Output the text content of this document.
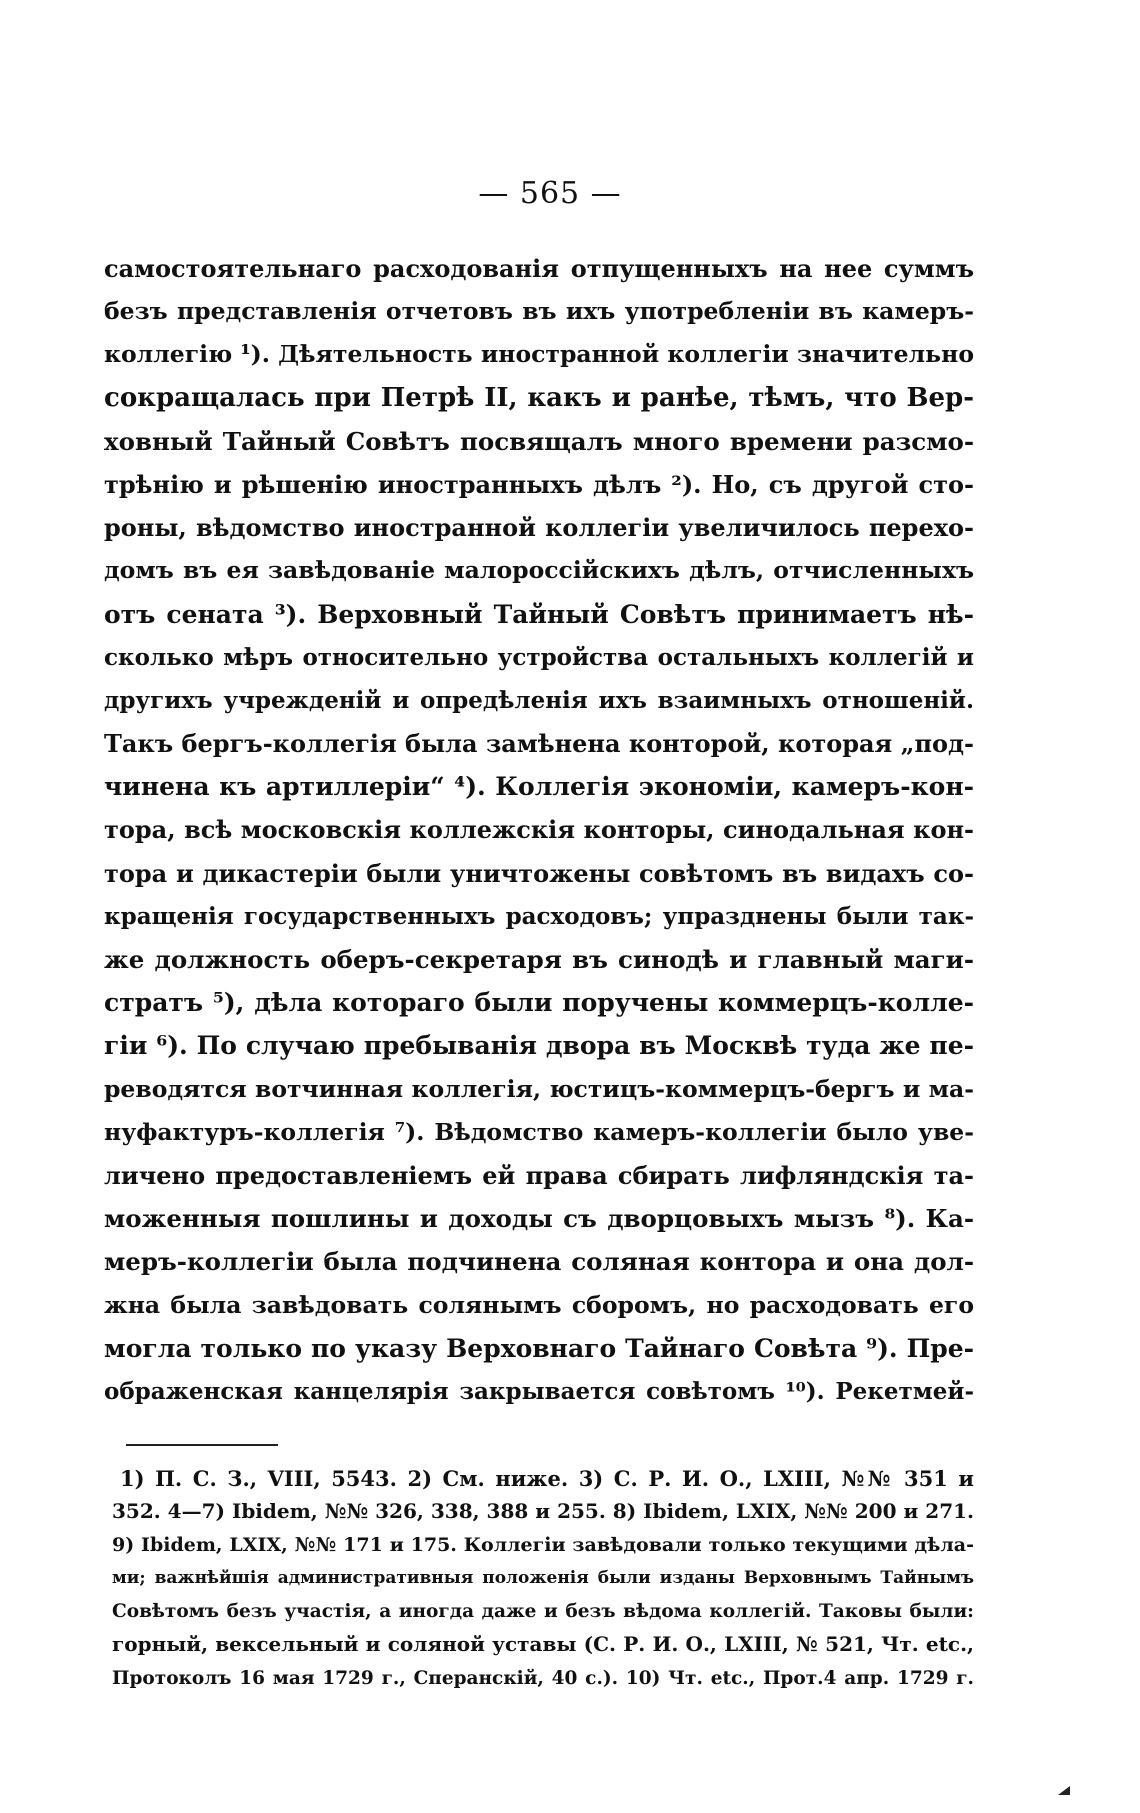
— 565 —
самостоятельнаго расходованія отпущенныхъ на нее суммъ
безъ представленія отчетовъ въ ихъ употребленіи въ камеръ-
коллегію ¹). Дѣятельность иностранной коллегіи значительно
сокращалась при Петрѣ II, какъ и ранѣе, тѣмъ, что Вер-
ховный Тайный Совѣтъ посвящалъ много времени разсмо-
трѣнію и рѣшенію иностранныхъ дѣлъ ²). Но, съ другой сто-
роны, вѣдомство иностранной коллегіи увеличилось перехо-
домъ въ ея завѣдованіе малороссійскихъ дѣлъ, отчисленныхъ
отъ сената ³). Верховный Тайный Совѣтъ принимаетъ нѣ-
сколько мѣръ относительно устройства остальныхъ коллегій и
другихъ учрежденій и опредѣленія ихъ взаимныхъ отношеній.
Такъ бергъ-коллегія была замѣнена конторой, которая „под-
чинена къ артиллеріи“ ⁴). Коллегія экономіи, камеръ-кон-
тора, всѣ московскія коллежскія конторы, синодальная кон-
тора и дикастеріи были уничтожены совѣтомъ въ видахъ со-
кращенія государственныхъ расходовъ; упразднены были так-
же должность оберъ-секретаря въ синодѣ и главный маги-
стратъ ⁵), дѣла котораго были поручены коммерцъ-колле-
гіи ⁶). По случаю пребыванія двора въ Москвѣ туда же пе-
реводятся вотчинная коллегія, юстицъ-коммерцъ-бергъ и ма-
нуфактуръ-коллегія ⁷). Вѣдомство камеръ-коллегіи было уве-
личено предоставленіемъ ей права сбирать лифляндскія та-
моженныя пошлины и доходы съ дворцовыхъ мызъ ⁸). Ка-
меръ-коллегіи была подчинена соляная контора и она дол-
жна была завѣдовать солянымъ сборомъ, но расходовать его
могла только по указу Верховнаго Тайнаго Совѣта ⁹). Пре-
ображенская канцелярія закрывается совѣтомъ ¹⁰). Рекетмей-
1) П. С. З., VIII, 5543. 2) См. ниже. 3) С. Р. И. О., LXIII, №№ 351 и
352. 4—7) Ibidem, №№ 326, 338, 388 и 255. 8) Ibidem, LXIX, №№ 200 и 271.
9) Ibidem, LXIX, №№ 171 и 175. Коллегіи завѣдовали только текущими дѣла-
ми; важнѣйшія административныя положенія были изданы Верховнымъ Тайнымъ
Совѣтомъ безъ участія, а иногда даже и безъ вѣдома коллегій. Таковы были:
горный, вексельный и соляной уставы (С. Р. И. О., LXIII, № 521, Чт. etc.,
Протоколъ 16 мая 1729 г., Сперанскій, 40 с.). 10) Чт. etc., Прот.4 апр. 1729 г.
